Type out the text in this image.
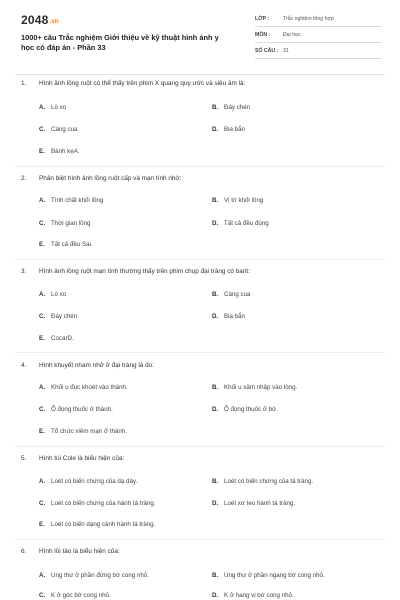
2048.vn
1000+ câu Trắc nghiệm Giới thiệu về kỹ thuật hình ảnh y học có đáp án - Phần 33
LỚP :	Trắc nghiệm tổng hợp
MÔN : Đại học
SỐ CÂU : 31
1. Hình ảnh lồng ruột có thể thấy trên phim X quang quy ước và siêu âm là:
A. Lò xo	B. Đáy chén
C. Càng cua	D. Bia bắn
E. Bánh kẹA.
2. Phân biệt hình ảnh lồng ruột cấp và mạn tính nhờ:
A. Tính chất khối lồng	B. Vị trí khối lồng
C. Thời gian lồng	D. Tất cả đều đúng
E. Tất cả đều Sai.
3. Hình ảnh lồng ruột mạn tính thường thấy trên phim chụp đại tràng có barit:
A. Lò xo	B. Càng cua
C. Đáy chén	D. Bia bắn
E. CocarD.
4. Hình khuyết nham nhở ở đại tràng là do:
A. Khối u đục khoét vào thành.	B. Khối u xâm nhập vào lòng.
C. Ổ đọng thuốc ở thành.	D. Ổ đọng thuốc ở bờ.
E. Tổ chức viêm mạn ở thành.
5. Hình túi Cole là biểu hiện của:
A. Loét có biến chứng của dạ dày.	B. Loét có biến chứng của tá tràng.
C. Loét có biến chứng của hành tá tràng.	D. Loét xơ teo hành tá tràng.
E. Loét có biến dạng cánh hành tá tràng.
6. Hình lồi tảo là biểu hiện của:
A. Ung thư ở phần đứng bờ cong nhỏ.	B. Ung thư ở phần ngang bờ cong nhỏ.
C. K ở góc bờ cong nhỏ.	D. K ở hang vị bờ cong nhỏ.
